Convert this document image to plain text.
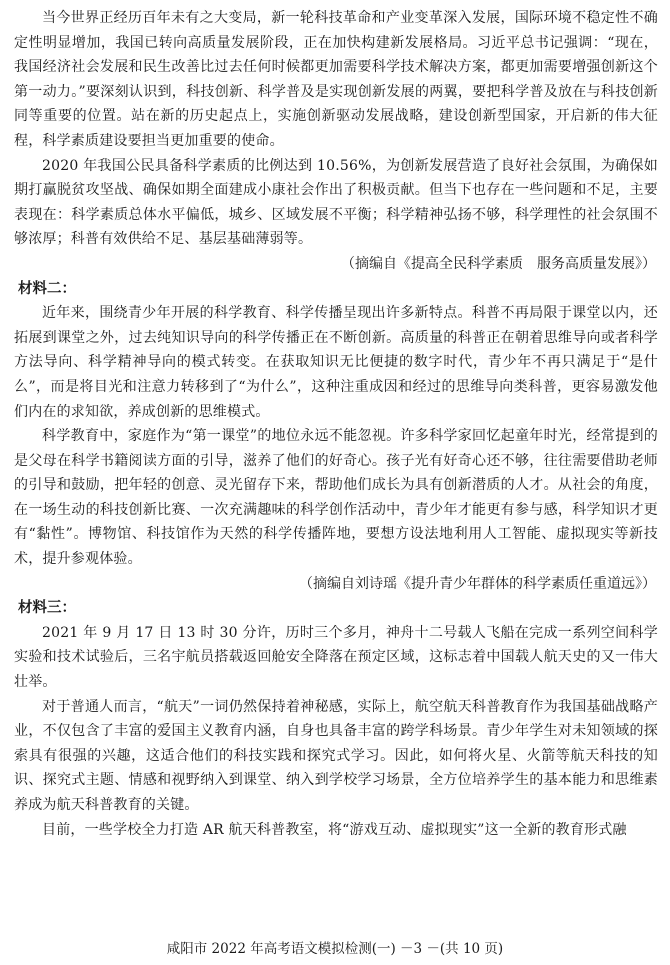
当今世界正经历百年未有之大变局，新一轮科技革命和产业变革深入发展，国际环境不稳定性不确定性明显增加，我国已转向高质量发展阶段，正在加快构建新发展格局。习近平总书记强调：“现在，我国经济社会发展和民生改善比过去任何时候都更加需要科学技术解决方案，都更加需要增强创新这个第一动力。”要深刻认识到，科技创新、科学普及是实现创新发展的两翼，要把科学普及放在与科技创新同等重要的位置。站在新的历史起点上，实施创新驱动发展战略，建设创新型国家，开启新的伟大征程，科学素质建设要担当更加重要的使命。

2020 年我国公民具备科学素质的比例达到 10.56%，为创新发展营造了良好社会氛围，为确保如期打赢脱贫攻坚战、确保如期全面建成小康社会作出了积极贡献。但当下也存在一些问题和不足，主要表现在：科学素质总体水平偏低，城乡、区域发展不平衡；科学精神弘扬不够，科学理性的社会氛围不够浓厚；科普有效供给不足、基层基础薄弱等。

（摘编自《提高全民科学素质　服务高质量发展》）

材料二：

近年来，围绕青少年开展的科学教育、科学传播呈现出许多新特点。科普不再局限于课堂以内，还拓展到课堂之外，过去纯知识导向的科学传播正在不断创新。高质量的科普正在朝着思维导向或者科学方法导向、科学精神导向的模式转变。在获取知识无比便捷的数字时代，青少年不再只满足于“是什么”，而是将目光和注意力转移到了“为什么”，这种注重成因和经过的思维导向类科普，更容易激发他们内在的求知欲，养成创新的思维模式。

科学教育中，家庭作为“第一课堂”的地位永远不能忽视。许多科学家回忆起童年时光，经常提到的是父母在科学书籍阅读方面的引导，滋养了他们的好奇心。孩子光有好奇心还不够，往往需要借助老师的引导和鼓励，把年轻的创意、灵光留存下来，帮助他们成长为具有创新潜质的人才。从社会的角度，在一场生动的科技创新比赛、一次充满趣味的科学创作活动中，青少年才能更有参与感，科学知识才更有“黏性”。博物馆、科技馆作为天然的科学传播阵地，要想方设法地利用人工智能、虚拟现实等新技术，提升参观体验。

（摘编自刘诗瑶《提升青少年群体的科学素质任重道远》）

材料三：

2021 年 9 月 17 日 13 时 30 分许，历时三个多月，神舟十二号载人飞船在完成一系列空间科学实验和技术试验后，三名宇航员搭载返回舱安全降落在预定区域，这标志着中国载人航天史的又一伟大壮举。

对于普通人而言，“航天”一词仍然保持着神秘感，实际上，航空航天科普教育作为我国基础战略产业，不仅包含了丰富的爱国主义教育内涵，自身也具备丰富的跨学科场景。青少年学生对未知领域的探索具有很强的兴趣，这适合他们的科技实践和探究式学习。因此，如何将火星、火箭等航天科技的知识、探究式主题、情感和视野纳入到课堂、纳入到学校学习场景，全方位培养学生的基本能力和思维素养成为航天科普教育的关键。

目前，一些学校全力打造 AR 航天科普教室，将“游戏互动、虚拟现实”这一全新的教育形式融

咸阳市 2022 年高考语文模拟检测(一) －3 －(共 10 页)
